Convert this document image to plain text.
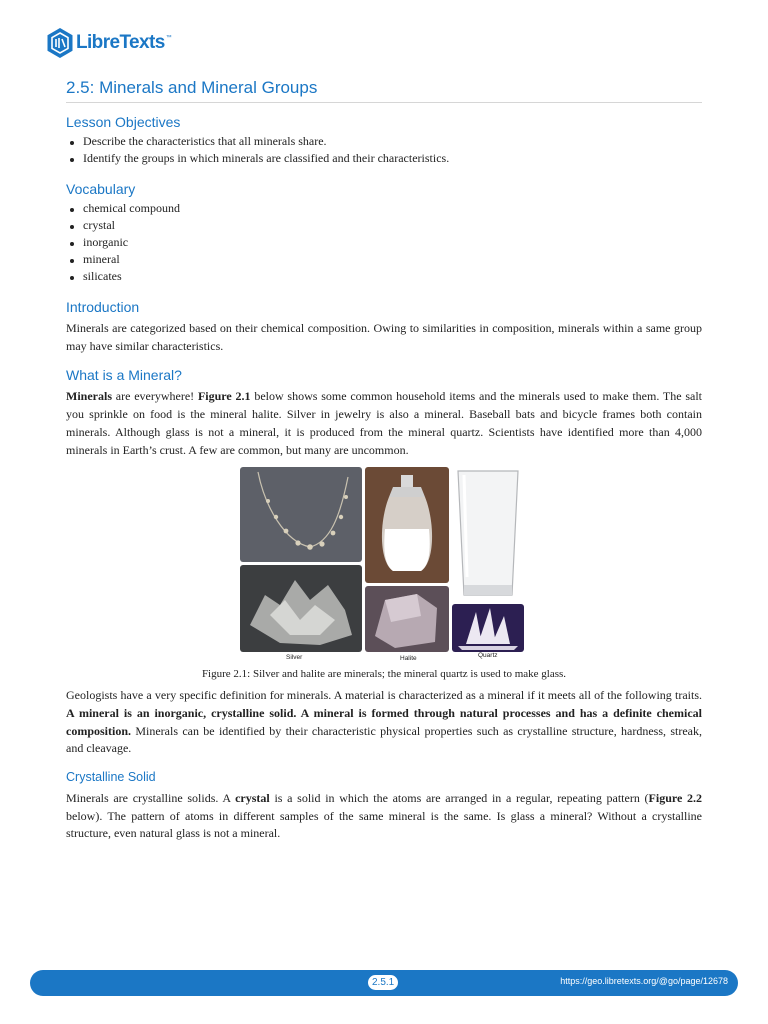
LibreTexts ™
2.5: Minerals and Mineral Groups
Lesson Objectives
Describe the characteristics that all minerals share.
Identify the groups in which minerals are classified and their characteristics.
Vocabulary
chemical compound
crystal
inorganic
mineral
silicates
Introduction

Minerals are categorized based on their chemical composition. Owing to similarities in composition, minerals within a same group may have similar characteristics.

What is a Mineral?

Minerals are everywhere! Figure 2.1 below shows some common household items and the minerals used to make them. The salt you sprinkle on food is the mineral halite. Silver in jewelry is also a mineral. Baseball bats and bicycle frames both contain minerals. Although glass is not a mineral, it is produced from the mineral quartz. Scientists have identified more than 4,000 minerals in Earth’s crust. A few are common, but many are uncommon.

Silver	Halite	Quartz
Figure 2.1: Silver and halite are minerals; the mineral quartz is used to make glass.

Geologists have a very specific definition for minerals. A material is characterized as a mineral if it meets all of the following traits. A mineral is an inorganic, crystalline solid. A mineral is formed through natural processes and has a definite chemical composition. Minerals can be identified by their characteristic physical properties such as crystalline structure, hardness, streak, and cleavage.

Crystalline Solid

Minerals are crystalline solids. A crystal is a solid in which the atoms are arranged in a regular, repeating pattern (Figure 2.2 below). The pattern of atoms in different samples of the same mineral is the same. Is glass a mineral? Without a crystalline structure, even natural glass is not a mineral.

2.5.1	https://geo.libretexts.org/@go/page/12678
